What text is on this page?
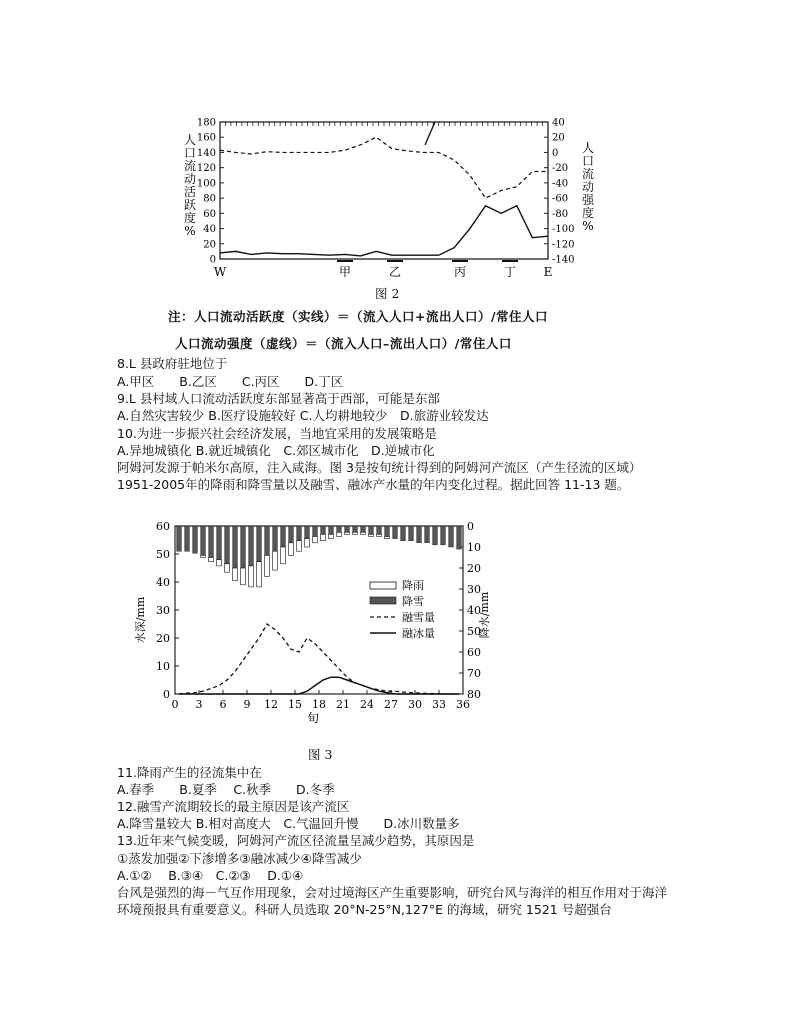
180
160
140
120
100
80
60
40
20
0
40
20
0
-20
-40
-60
-80
-100
-120
-140
人
口
流
动
活
跃
度
%
人
口
流
动
强
度
%
W	甲	乙	丙	丁 E
图 2
注：人口流动活跃度（实线）＝（流入人口+流出人口）/常住人口
人口流动强度（虚线）＝（流入人口–流出人口）/常住人口
8.L 县政府驻地位于
A.甲区　　B.乙区　　C.丙区　　D.丁区
9.L 县村域人口流动活跃度东部显著高于西部，可能是东部
A.自然灾害较少 B.医疗设施较好 C.人均耕地较少　D.旅游业较发达
10.为进一步振兴社会经济发展，当地宜采用的发展策略是
A.异地城镇化 B.就近城镇化　C.郊区城市化　D.逆城市化
阿姆河发源于帕米尔高原，注入咸海。图 3是按旬统计得到的阿姆河产流区（产生径流的区域）1951-2005年的降雨和降雪量以及融雪、融冰产水量的年内变化过程。据此回答 11-13 题。
0 3 6 9 12 15 18 21 24 27 30 33 36
旬
0
10
20
30
40
50
60	0
10
20
30
40
50
60
70
80
水深/mm	降水/mm
降雨
降雪
融雪量
融冰量
图 3
11.降雨产生的径流集中在
A.春季　　B.夏季　 C.秋季　　D.冬季
12.融雪产流期较长的最主原因是该产流区
A.降雪量较大 B.相对高度大　C.气温回升慢　　D.冰川数量多
13.近年来气候变暖，阿姆河产流区径流量呈减少趋势，其原因是
①蒸发加强②下渗增多③融冰减少④降雪减少
A.①②　 B.③④　C.②③　 D.①④
台风是强烈的海－气互作用现象，会对过境海区产生重要影响，研究台风与海洋的相互作用对于海洋环境预报具有重要意义。科研人员选取 20°N-25°N,127°E 的海域，研究 1521 号超强台
